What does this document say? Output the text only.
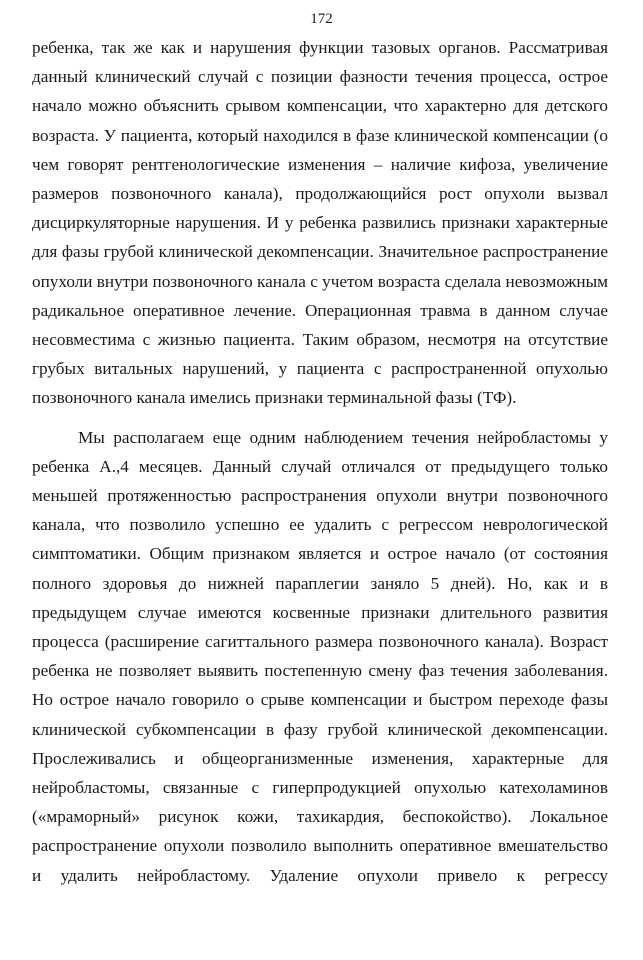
172

ребенка, так же как и нарушения функции тазовых органов. Рассматривая данный клинический случай с позиции фазности течения процесса, острое начало можно объяснить срывом компенсации, что характерно для детского возраста. У пациента, который находился в фазе клинической компенсации (о чем говорят рентгенологические изменения – наличие кифоза, увеличение размеров позвоночного канала), продолжающийся рост опухоли вызвал дисциркуляторные нарушения. И у ребенка развились признаки характерные для фазы грубой клинической декомпенсации. Значительное распространение опухоли внутри позвоночного канала с учетом возраста сделала невозможным радикальное оперативное лечение. Операционная травма в данном случае несовместима с жизнью пациента. Таким образом, несмотря на отсутствие грубых витальных нарушений, у пациента с распространенной опухолью позвоночного канала имелись признаки терминальной фазы (ТФ).

Мы располагаем еще одним наблюдением течения нейробластомы у ребенка А.,4 месяцев. Данный случай отличался от предыдущего только меньшей протяженностью распространения опухоли внутри позвоночного канала, что позволило успешно ее удалить с регрессом неврологической симптоматики. Общим признаком является и острое начало (от состояния полного здоровья до нижней параплегии заняло 5 дней). Но, как и в предыдущем случае имеются косвенные признаки длительного развития процесса (расширение сагиттального размера позвоночного канала). Возраст ребенка не позволяет выявить постепенную смену фаз течения заболевания. Но острое начало говорило о срыве компенсации и быстром переходе фазы клинической субкомпенсации в фазу грубой клинической декомпенсации. Прослеживались и общеорганизменные изменения, характерные для нейробластомы, связанные с гиперпродукцией опухолью катехоламинов («мраморный» рисунок кожи, тахикардия, беспокойство). Локальное распространение опухоли позволило выполнить оперативное вмешательство и удалить нейробластому. Удаление опухоли привело к регрессу
